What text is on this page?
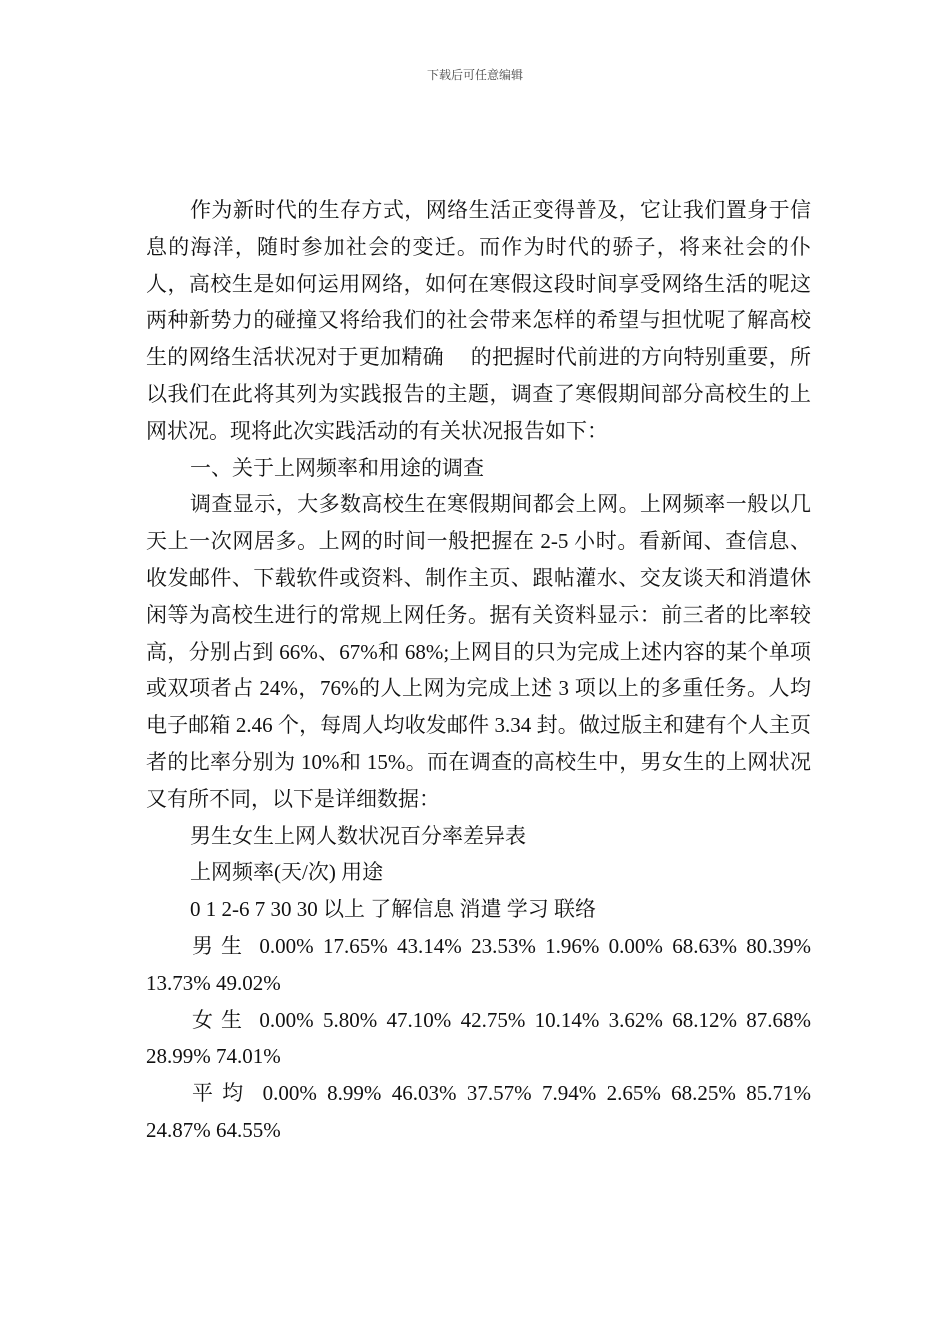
下载后可任意编辑

作为新时代的生存方式，网络生活正变得普及，它让我们置身于信息的海洋，随时参加社会的变迁。而作为时代的骄子，将来社会的仆人，高校生是如何运用网络，如何在寒假这段时间享受网络生活的呢这两种新势力的碰撞又将给我们的社会带来怎样的希望与担忧呢了解高校生的网络生活状况对于更加精确　 的把握时代前进的方向特别重要，所以我们在此将其列为实践报告的主题，调查了寒假期间部分高校生的上网状况。现将此次实践活动的有关状况报告如下：

一、关于上网频率和用途的调查

调查显示，大多数高校生在寒假期间都会上网。上网频率一般以几天上一次网居多。上网的时间一般把握在 2-5 小时。看新闻、查信息、收发邮件、下载软件或资料、制作主页、跟帖灌水、交友谈天和消遣休闲等为高校生进行的常规上网任务。据有关资料显示：前三者的比率较高，分别占到 66%、67%和 68%;上网目的只为完成上述内容的某个单项或双项者占 24%，76%的人上网为完成上述 3 项以上的多重任务。人均电子邮箱 2.46 个，每周人均收发邮件 3.34 封。做过版主和建有个人主页者的比率分别为 10%和 15%。而在调查的高校生中，男女生的上网状况又有所不同，以下是详细数据：

男生女生上网人数状况百分率差异表

上网频率(天/次) 用途

0 1 2-6 7 30 30 以上 了解信息 消遣 学习 联络

男生 0.00% 17.65% 43.14% 23.53% 1.96% 0.00% 68.63% 80.39% 13.73% 49.02%

女生 0.00% 5.80% 47.10% 42.75% 10.14% 3.62% 68.12% 87.68% 28.99% 74.01%

平均 0.00% 8.99% 46.03% 37.57% 7.94% 2.65% 68.25% 85.71% 24.87% 64.55%
